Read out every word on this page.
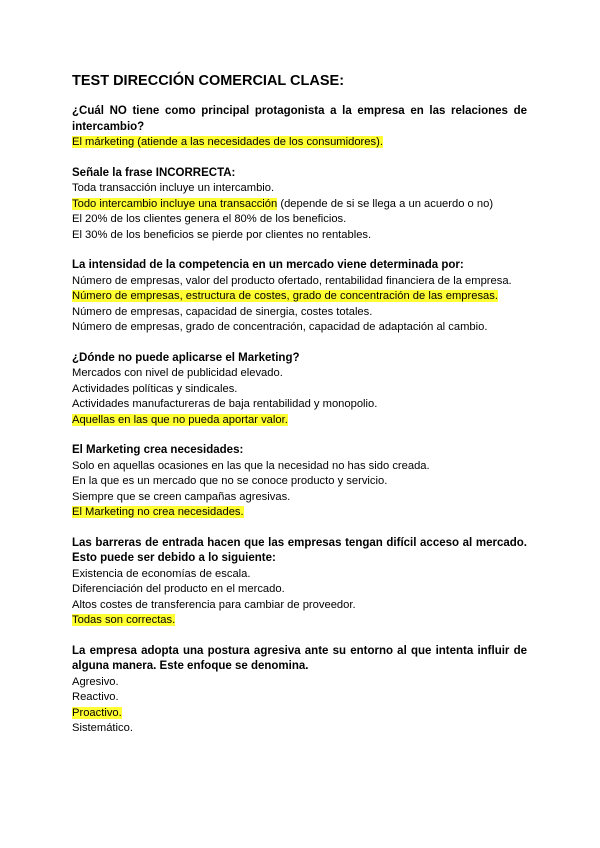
TEST DIRECCIÓN COMERCIAL CLASE:
¿Cuál NO tiene como principal protagonista a la empresa en las relaciones de intercambio?
El márketing (atiende a las necesidades de los consumidores).
Señale la frase INCORRECTA:
Toda transacción incluye un intercambio.
Todo intercambio incluye una transacción (depende de si se llega a un acuerdo o no)
El 20% de los clientes genera el 80% de los beneficios.
El 30% de los beneficios se pierde por clientes no rentables.
La intensidad de la competencia en un mercado viene determinada por:
Número de empresas, valor del producto ofertado, rentabilidad financiera de la empresa.
Número de empresas, estructura de costes, grado de concentración de las empresas.
Número de empresas, capacidad de sinergia, costes totales.
Número de empresas, grado de concentración, capacidad de adaptación al cambio.
¿Dónde no puede aplicarse el Marketing?
Mercados con nivel de publicidad elevado.
Actividades políticas y sindicales.
Actividades manufactureras de baja rentabilidad y monopolio.
Aquellas en las que no pueda aportar valor.
El Marketing crea necesidades:
Solo en aquellas ocasiones en las que la necesidad no has sido creada.
En la que es un mercado que no se conoce producto y servicio.
Siempre que se creen campañas agresivas.
El Marketing no crea necesidades.
Las barreras de entrada hacen que las empresas tengan difícil acceso al mercado. Esto puede ser debido a lo siguiente:
Existencia de economías de escala.
Diferenciación del producto en el mercado.
Altos costes de transferencia para cambiar de proveedor.
Todas son correctas.
La empresa adopta una postura agresiva ante su entorno al que intenta influir de alguna manera. Este enfoque se denomina.
Agresivo.
Reactivo.
Proactivo.
Sistemático.
